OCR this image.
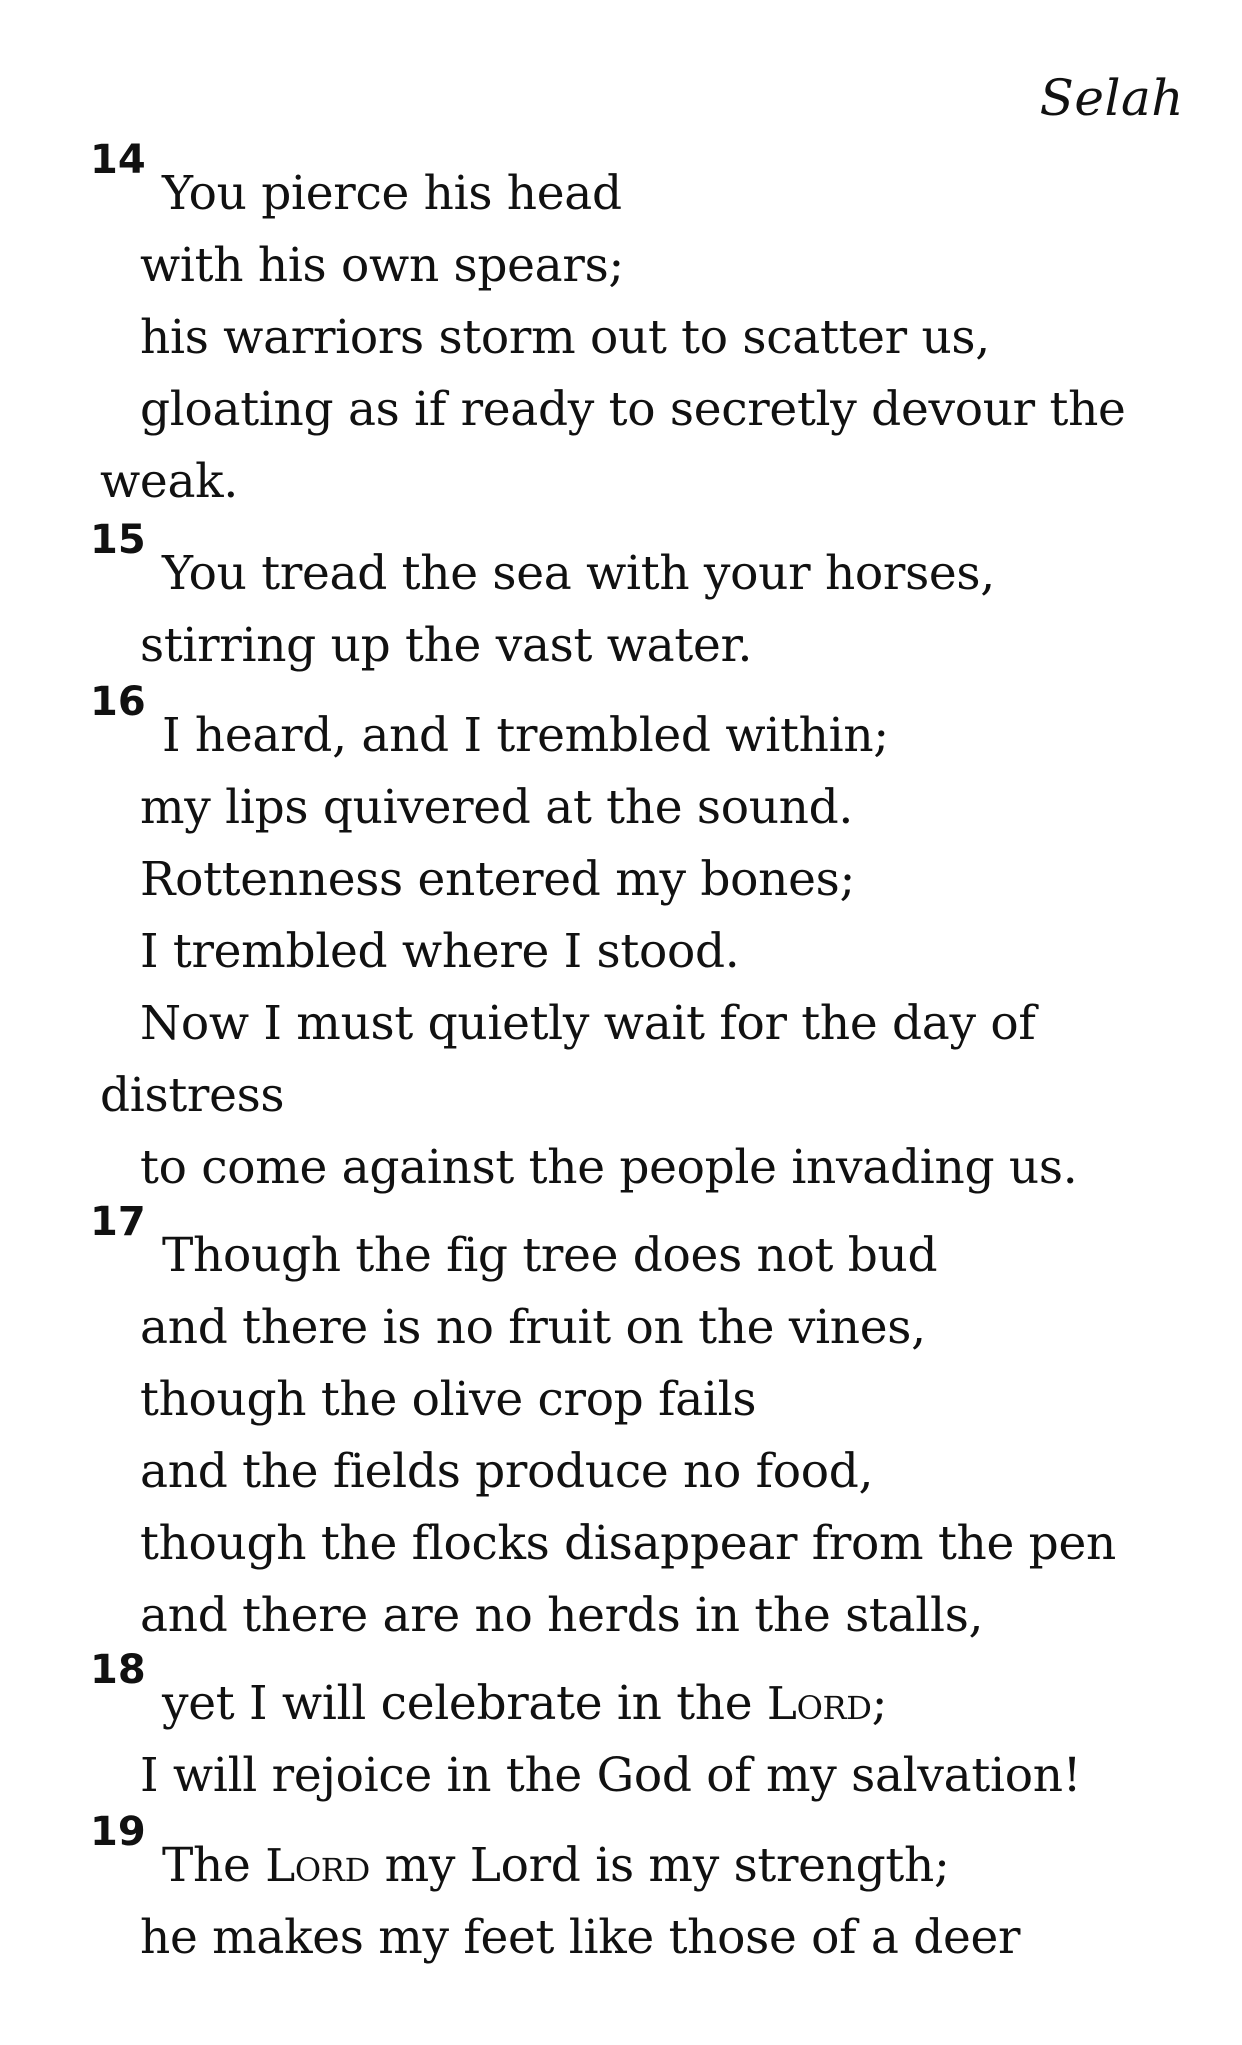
Selah
14
You pierce his head
with his own spears;
his warriors storm out to scatter us,
gloating as if ready to secretly devour the
weak.
15
You tread the sea with your horses,
stirring up the vast water.
16
I heard, and I trembled within;
my lips quivered at the sound.
Rottenness entered my bones;
I trembled where I stood.
Now I must quietly wait for the day of
distress
to come against the people invading us.
17
Though the fig tree does not bud
and there is no fruit on the vines,
though the olive crop fails
and the fields produce no food,
though the flocks disappear from the pen
and there are no herds in the stalls,
18
yet I will celebrate in the Lord;
I will rejoice in the God of my salvation!
19
The Lord my Lord is my strength;
he makes my feet like those of a deer
